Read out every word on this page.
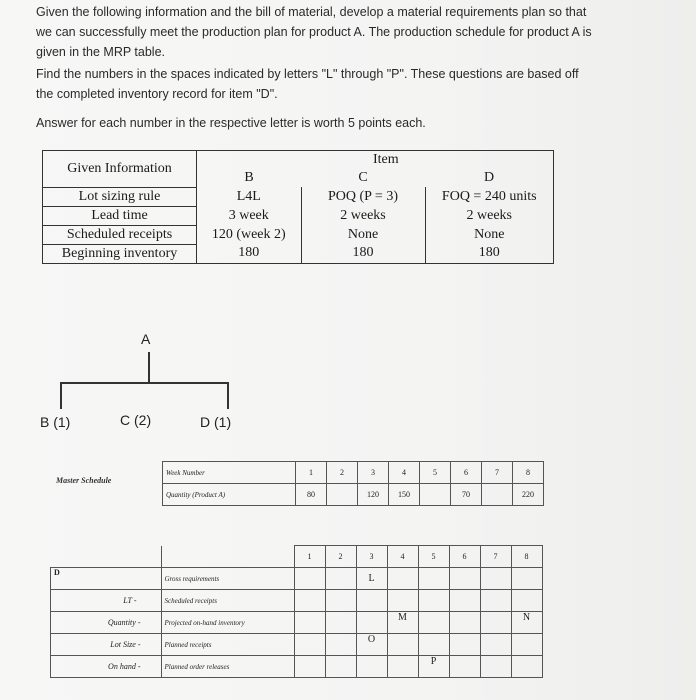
Given the following information and the bill of material, develop a material requirements plan so that we can successfully meet the production plan for product A. The production schedule for product A is given in the MRP table.
Find the numbers in the spaces indicated by letters "L" through "P". These questions are based off the completed inventory record for item "D".
Answer for each number in the respective letter is worth 5 points each.
Given Information			Item
	B	C	D
Lot sizing rule	L4L	POQ (P = 3)	FOQ = 240 units
Lead time	3 week	2 weeks	2 weeks
Scheduled receipts	120 (week 2)	None	None
Beginning inventory	180	180	180
A
B (1)	C (2)	D (1)
Master Schedule
Week Number	1	2	3	4	5	6	7	8
Quantity (Product A)	80		120	150		70		220
		1	2	3	4	5	6	7	8
D	Gross requirements			L					
LT -	Scheduled receipts								
Quantity -	Projected on-hand inventory				M				N
Lot Size -	Planned receipts			O					
On hand -	Planned order releases					P			
